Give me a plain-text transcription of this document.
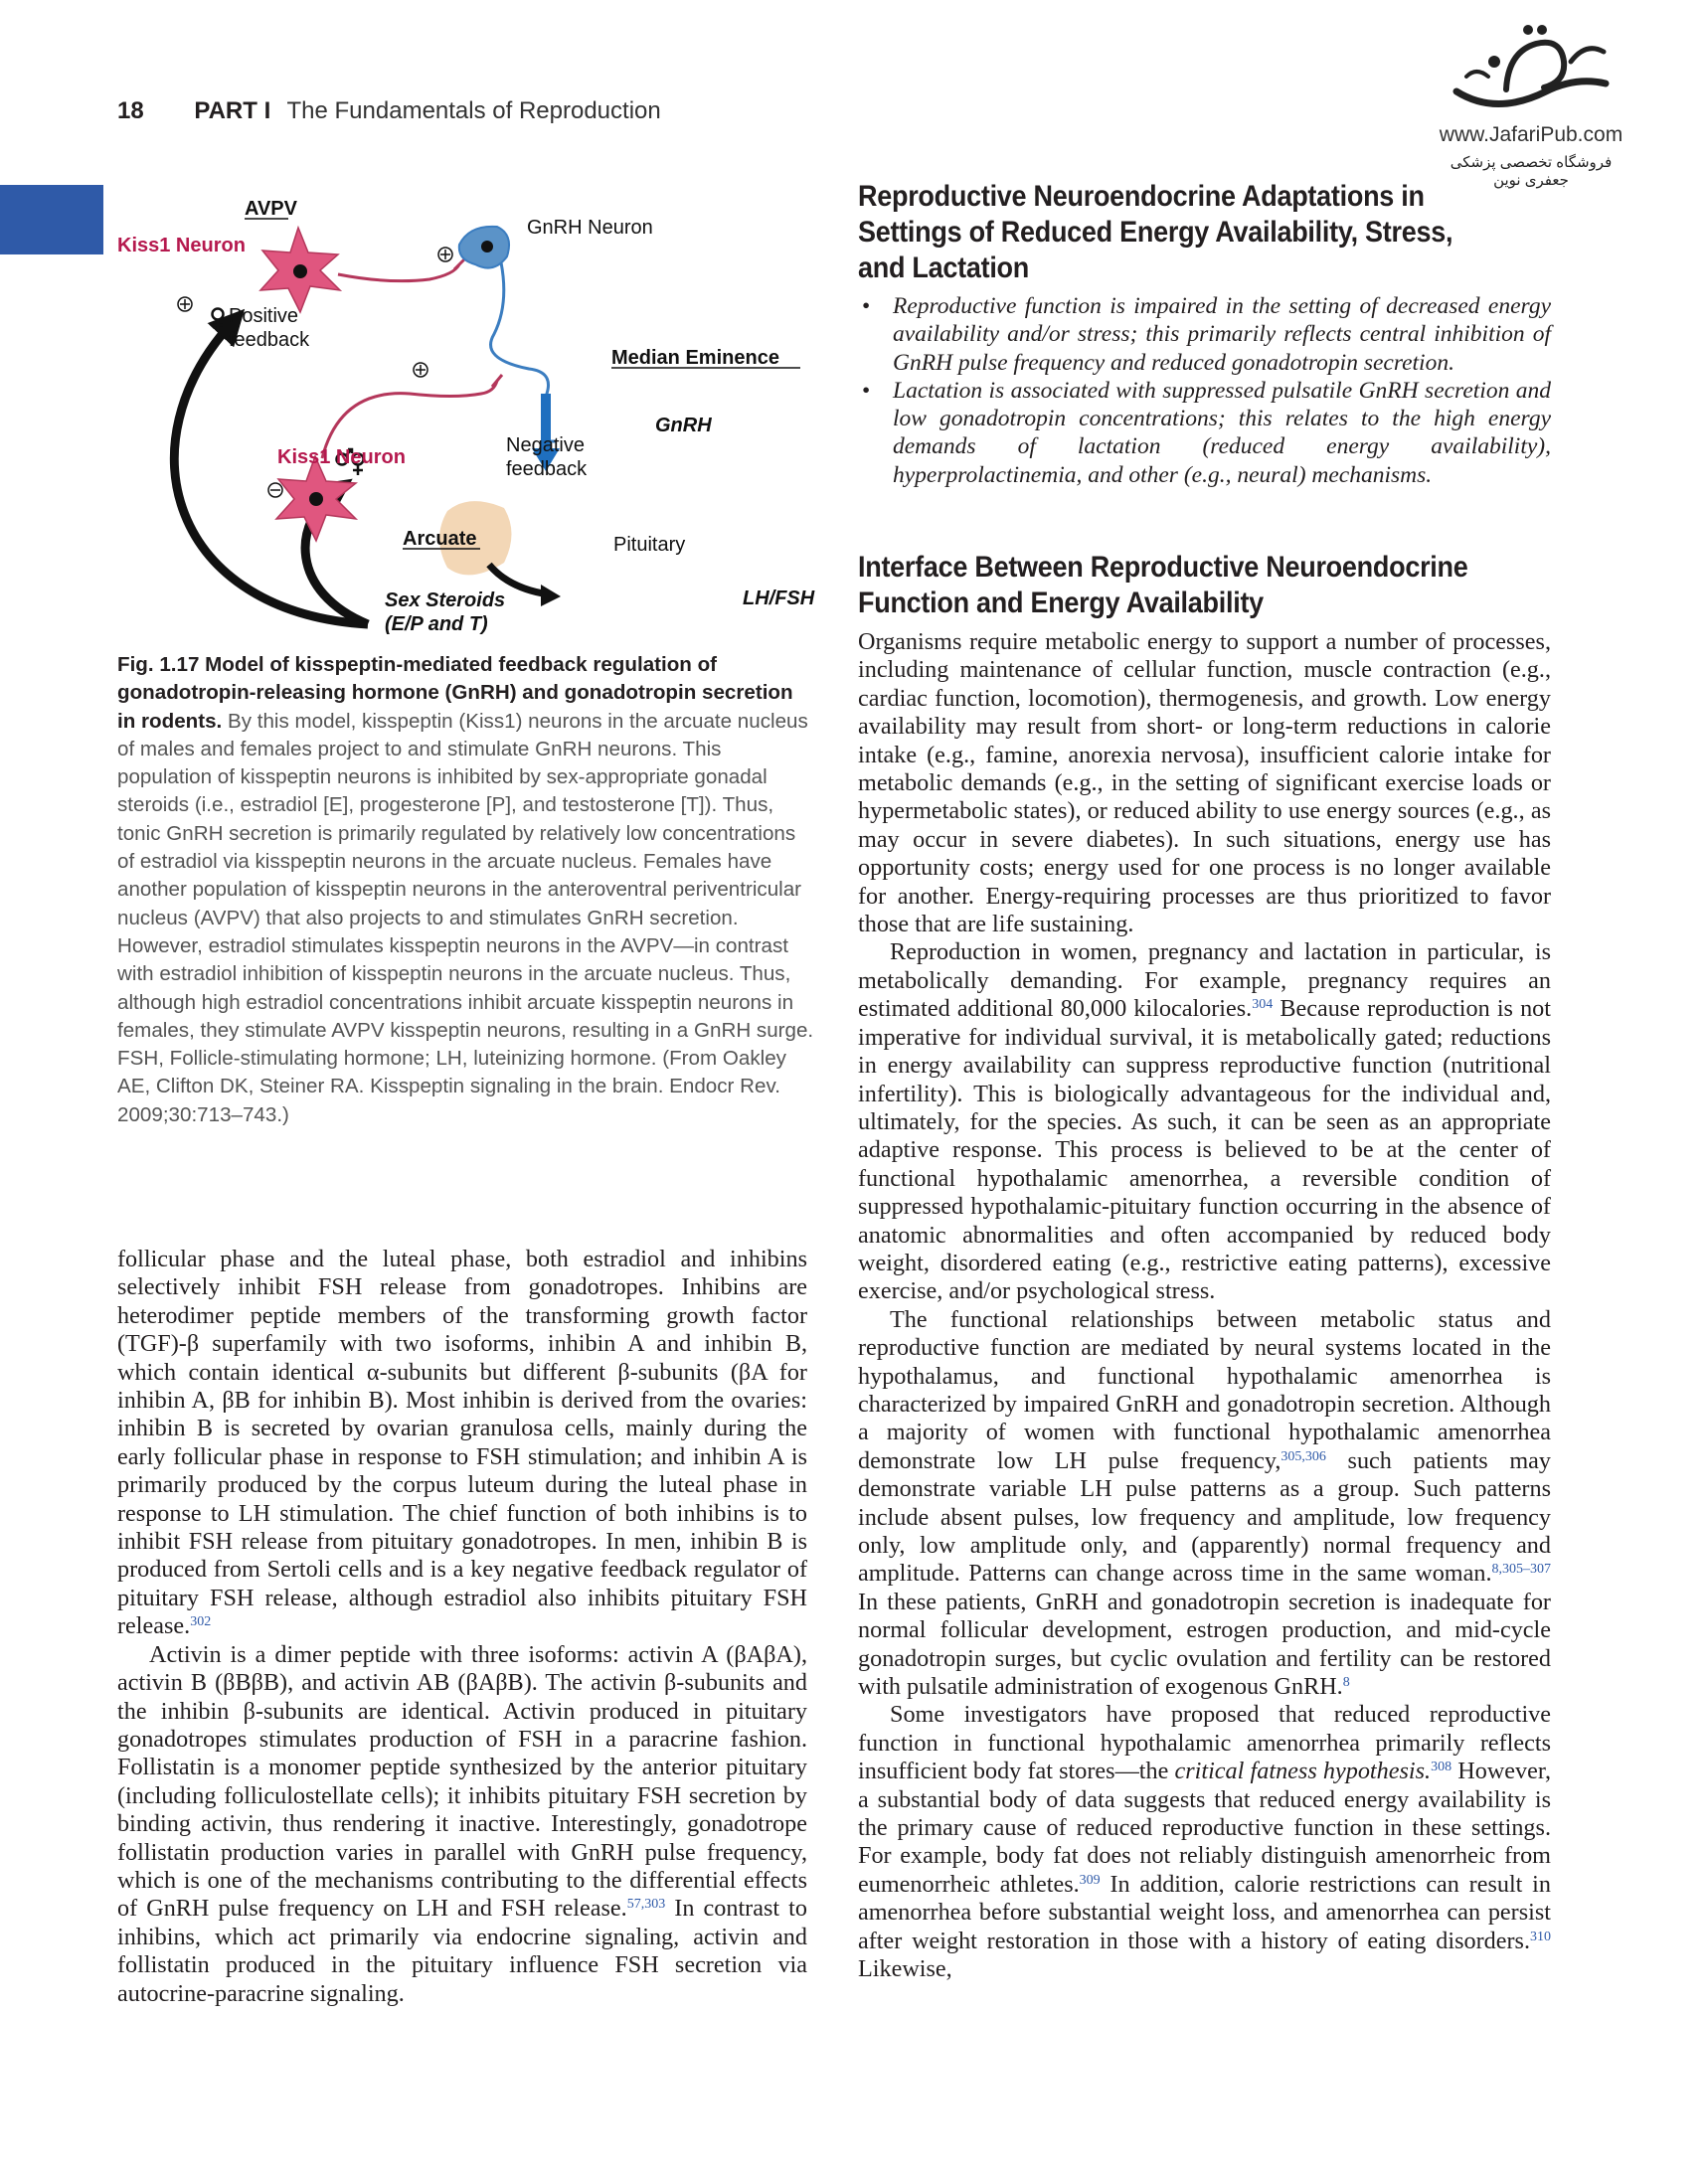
18 PART I The Fundamentals of Reproduction
www.JafariPub.com
فروشگاه تخصصی پزشکی جعفری نوین
AVPV
Kiss1 Neuron
GnRH Neuron
Positive
feedback
Median Eminence
GnRH
Kiss1 Neuron
Negative
feedback
Arcuate	Pituitary
Sex Steroids
(E/P and T)
LH/FSH
Fig. 1.17 Model of kisspeptin-mediated feedback regulation of gonadotropin-releasing hormone (GnRH) and gonadotropin secretion in rodents. By this model, kisspeptin (Kiss1) neurons in the arcuate nucleus of males and females project to and stimulate GnRH neurons. This population of kisspeptin neurons is inhibited by sex-appropriate gonadal steroids (i.e., estradiol [E], progesterone [P], and testosterone [T]). Thus, tonic GnRH secretion is primarily regulated by relatively low concentrations of estradiol via kisspeptin neurons in the arcuate nucleus. Females have another population of kisspeptin neurons in the anteroventral periventricular nucleus (AVPV) that also projects to and stimulates GnRH secretion. However, estradiol stimulates kisspeptin neurons in the AVPV—in contrast with estradiol inhibition of kisspeptin neurons in the arcuate nucleus. Thus, although high estradiol concentrations inhibit arcuate kisspeptin neurons in females, they stimulate AVPV kisspeptin neurons, resulting in a GnRH surge. FSH, Follicle-stimulating hormone; LH, luteinizing hormone. (From Oakley AE, Clifton DK, Steiner RA. Kisspeptin signaling in the brain. Endocr Rev. 2009;30:713–743.)

follicular phase and the luteal phase, both estradiol and inhibins selectively inhibit FSH release from gonadotropes. Inhibins are heterodimer peptide members of the transforming growth factor (TGF)-β superfamily with two isoforms, inhibin A and inhibin B, which contain identical α-subunits but different β-subunits (βA for inhibin A, βB for inhibin B). Most inhibin is derived from the ovaries: inhibin B is secreted by ovarian granulosa cells, mainly during the early follicular phase in response to FSH stimulation; and inhibin A is primarily produced by the corpus luteum during the luteal phase in response to LH stimulation. The chief function of both inhibins is to inhibit FSH release from pituitary gonadotropes. In men, inhibin B is produced from Sertoli cells and is a key negative feedback regulator of pituitary FSH release, although estradiol also inhibits pituitary FSH release.$^{302}$

Activin is a dimer peptide with three isoforms: activin A (βAβA), activin B (βBβB), and activin AB (βAβB). The activin β-subunits and the inhibin β-subunits are identical. Activin produced in pituitary gonadotropes stimulates production of FSH in a paracrine fashion. Follistatin is a monomer peptide synthesized by the anterior pituitary (including folliculostellate cells); it inhibits pituitary FSH secretion by binding activin, thus rendering it inactive. Interestingly, gonadotrope follistatin production varies in parallel with GnRH pulse frequency, which is one of the mechanisms contributing to the differential effects of GnRH pulse frequency on LH and FSH release.$^{57,303}$ In contrast to inhibins, which act primarily via endocrine signaling, activin and follistatin produced in the pituitary influence FSH secretion via autocrine-paracrine signaling.

Reproductive Neuroendocrine Adaptations in Settings of Reduced Energy Availability, Stress, and Lactation
• Reproductive function is impaired in the setting of decreased energy availability and/or stress; this primarily reflects central inhibition of GnRH pulse frequency and reduced gonadotropin secretion.
• Lactation is associated with suppressed pulsatile GnRH secretion and low gonadotropin concentrations; this relates to the high energy demands of lactation (reduced energy availability), hyperprolactinemia, and other (e.g., neural) mechanisms.
Interface Between Reproductive Neuroendocrine Function and Energy Availability

Organisms require metabolic energy to support a number of processes, including maintenance of cellular function, muscle contraction (e.g., cardiac function, locomotion), thermogenesis, and growth. Low energy availability may result from short- or long-term reductions in calorie intake (e.g., famine, anorexia nervosa), insufficient calorie intake for metabolic demands (e.g., in the setting of significant exercise loads or hypermetabolic states), or reduced ability to use energy sources (e.g., as may occur in severe diabetes). In such situations, energy use has opportunity costs; energy used for one process is no longer available for another. Energy-requiring processes are thus prioritized to favor those that are life sustaining.

Reproduction in women, pregnancy and lactation in particular, is metabolically demanding. For example, pregnancy requires an estimated additional 80,000 kilocalories.$^{304}$ Because reproduction is not imperative for individual survival, it is metabolically gated; reductions in energy availability can suppress reproductive function (nutritional infertility). This is biologically advantageous for the individual and, ultimately, for the species. As such, it can be seen as an appropriate adaptive response. This process is believed to be at the center of functional hypothalamic amenorrhea, a reversible condition of suppressed hypothalamic-pituitary function occurring in the absence of anatomic abnormalities and often accompanied by reduced body weight, disordered eating (e.g., restrictive eating patterns), excessive exercise, and/or psychological stress.

The functional relationships between metabolic status and reproductive function are mediated by neural systems located in the hypothalamus, and functional hypothalamic amenorrhea is characterized by impaired GnRH and gonadotropin secretion. Although a majority of women with functional hypothalamic amenorrhea demonstrate low LH pulse frequency,$^{305,306}$ such patients may demonstrate variable LH pulse patterns as a group. Such patterns include absent pulses, low frequency and amplitude, low frequency only, low amplitude only, and (apparently) normal frequency and amplitude. Patterns can change across time in the same woman.$^{8,305-307}$ In these patients, GnRH and gonadotropin secretion is inadequate for normal follicular development, estrogen production, and mid-cycle gonadotropin surges, but cyclic ovulation and fertility can be restored with pulsatile administration of exogenous GnRH.$^8$

Some investigators have proposed that reduced reproductive function in functional hypothalamic amenorrhea primarily reflects insufficient body fat stores—the critical fatness hypothesis.$^{308}$ However, a substantial body of data suggests that reduced energy availability is the primary cause of reduced reproductive function in these settings. For example, body fat does not reliably distinguish amenorrheic from eumenorrheic athletes.$^{309}$ In addition, calorie restrictions can result in amenorrhea before substantial weight loss, and amenorrhea can persist after weight restoration in those with a history of eating disorders.$^{310}$ Likewise,
